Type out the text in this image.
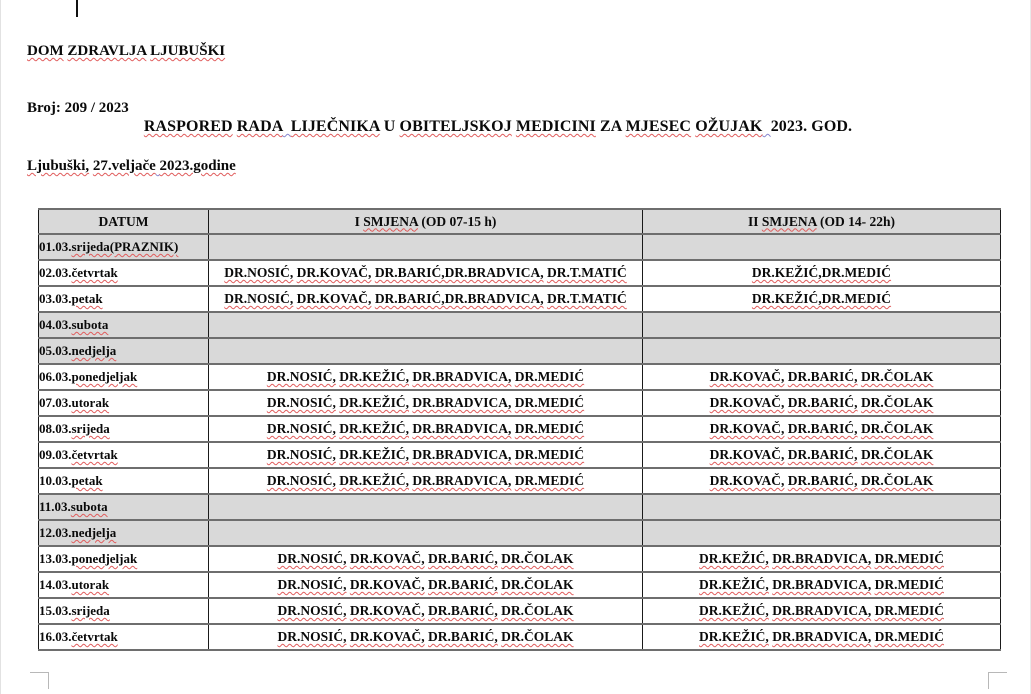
DOM ZDRAVLJA LJUBUŠKI

Broj: 209 / 2023

Ljubuški, 27.veljače 2023.godine

RASPORED RADA LIJEČNIKA U OBITELJSKOJ MEDICINI ZA MJESEC OŽUJAK 2023. GOD.
DATUM	I SMJENA (OD 07-15 h)	II SMJENA (OD 14- 22h)
01.03.srijeda(PRAZNIK)		
02.03.četvrtak	DR.NOSIĆ, DR.KOVAČ, DR.BARIĆ,DR.BRADVICA, DR.T.MATIĆ	DR.KEŽIĆ,DR.MEDIĆ
03.03.petak	DR.NOSIĆ, DR.KOVAČ, DR.BARIĆ,DR.BRADVICA, DR.T.MATIĆ	DR.KEŽIĆ,DR.MEDIĆ
04.03.subota		
05.03.nedjelja		
06.03.ponedjeljak	DR.NOSIĆ, DR.KEŽIĆ, DR.BRADVICA, DR.MEDIĆ	DR.KOVAČ, DR.BARIĆ, DR.ČOLAK
07.03.utorak	DR.NOSIĆ, DR.KEŽIĆ, DR.BRADVICA, DR.MEDIĆ	DR.KOVAČ, DR.BARIĆ, DR.ČOLAK
08.03.srijeda	DR.NOSIĆ, DR.KEŽIĆ, DR.BRADVICA, DR.MEDIĆ	DR.KOVAČ, DR.BARIĆ, DR.ČOLAK
09.03.četvrtak	DR.NOSIĆ, DR.KEŽIĆ, DR.BRADVICA, DR.MEDIĆ	DR.KOVAČ, DR.BARIĆ, DR.ČOLAK
10.03.petak	DR.NOSIĆ, DR.KEŽIĆ, DR.BRADVICA, DR.MEDIĆ	DR.KOVAČ, DR.BARIĆ, DR.ČOLAK
11.03.subota		
12.03.nedjelja		
13.03.ponedjeljak	DR.NOSIĆ, DR.KOVAČ, DR.BARIĆ, DR.ČOLAK	DR.KEŽIĆ, DR.BRADVICA, DR.MEDIĆ
14.03.utorak	DR.NOSIĆ, DR.KOVAČ, DR.BARIĆ, DR.ČOLAK	DR.KEŽIĆ, DR.BRADVICA, DR.MEDIĆ
15.03.srijeda	DR.NOSIĆ, DR.KOVAČ, DR.BARIĆ, DR.ČOLAK	DR.KEŽIĆ, DR.BRADVICA, DR.MEDIĆ
16.03.četvrtak	DR.NOSIĆ, DR.KOVAČ, DR.BARIĆ, DR.ČOLAK	DR.KEŽIĆ, DR.BRADVICA, DR.MEDIĆ
